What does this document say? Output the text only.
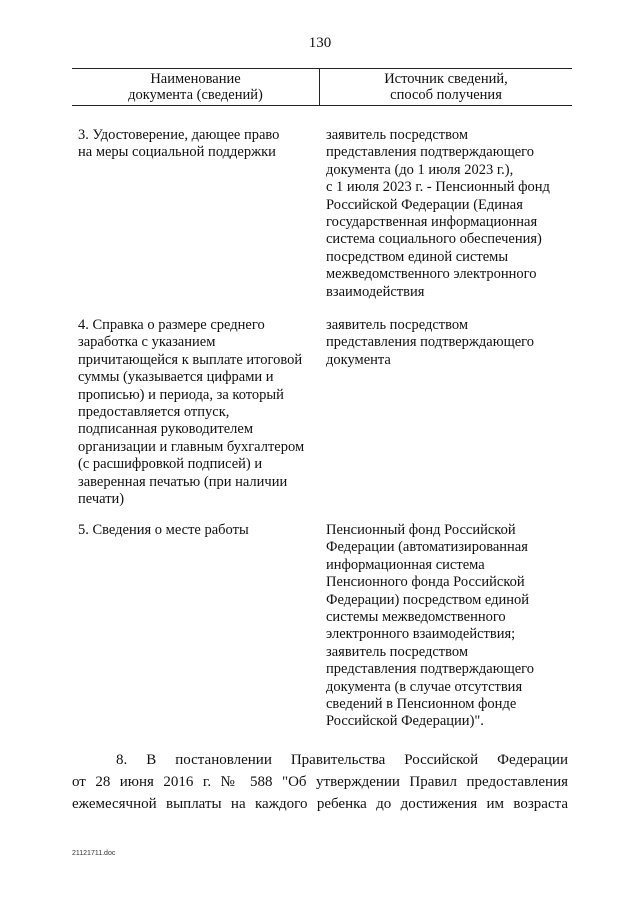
130
Наименование
документа (сведений)
Источник сведений,
способ получения
3. Удостоверение, дающее право
на меры социальной поддержки
заявитель посредством
представления подтверждающего
документа (до 1 июля 2023 г.),
с 1 июля 2023 г. - Пенсионный фонд
Российской Федерации (Единая
государственная информационная
система социального обеспечения)
посредством единой системы
межведомственного электронного
взаимодействия
4. Справка о размере среднего
заработка с указанием
причитающейся к выплате итоговой
суммы (указывается цифрами и
прописью) и периода, за который
предоставляется отпуск,
подписанная руководителем
организации и главным бухгалтером
(с расшифровкой подписей) и
заверенная печатью (при наличии
печати)
заявитель посредством
представления подтверждающего
документа
5. Сведения о месте работы	Пенсионный фонд Российской
Федерации (автоматизированная
информационная система
Пенсионного фонда Российской
Федерации) посредством единой
системы межведомственного
электронного взаимодействия;
заявитель посредством
представления подтверждающего
документа (в случае отсутствия
сведений в Пенсионном фонде
Российской Федерации)".
8. В постановлении Правительства Российской Федерации
от 28 июня 2016 г. № 588 "Об утверждении Правил предоставления
ежемесячной выплаты на каждого ребенка до достижения им возраста
21121711.doc
